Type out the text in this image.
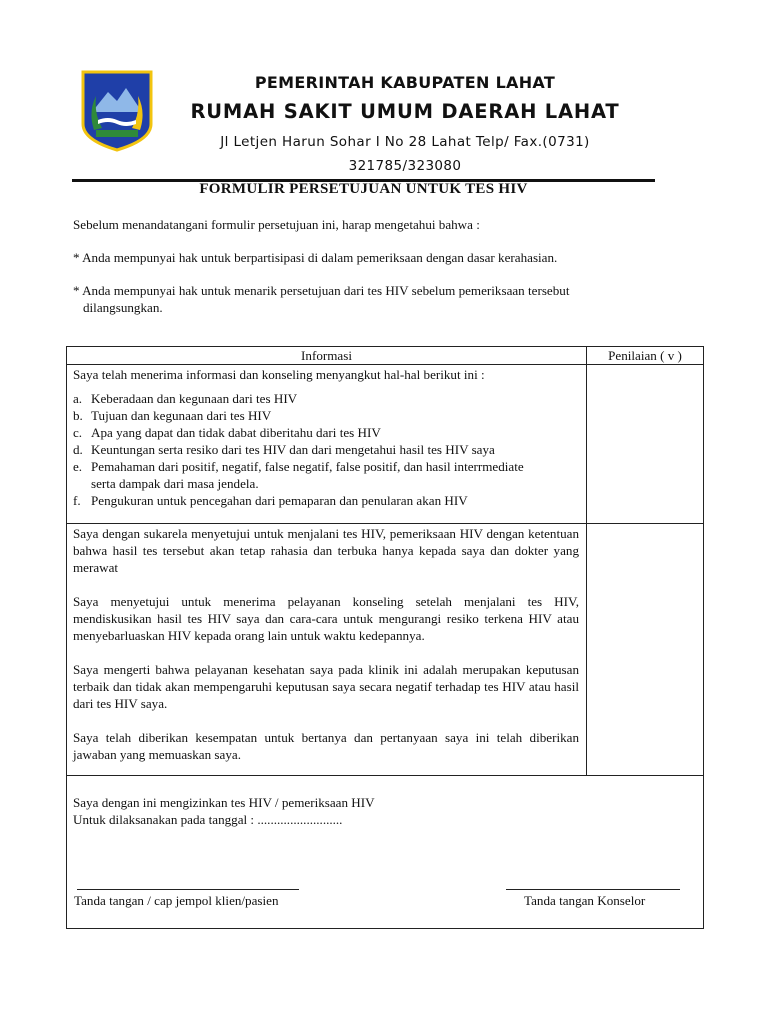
PEMERINTAH KABUPATEN LAHAT
RUMAH SAKIT UMUM DAERAH LAHAT
Jl Letjen Harun Sohar I No 28 Lahat Telp/ Fax.(0731)
321785/323080
FORMULIR PERSETUJUAN UNTUK TES HIV
Sebelum menandatangani formulir persetujuan ini, harap mengetahui bahwa :
* Anda mempunyai hak untuk berpartisipasi di dalam pemeriksaan dengan dasar kerahasian.
* Anda mempunyai hak untuk menarik persetujuan dari tes HIV sebelum pemeriksaan tersebut
dilangsungkan.
Informasi	Penilaian ( v )
Saya telah menerima informasi dan konseling menyangkut hal-hal berikut ini :
a. Keberadaan dan kegunaan dari tes HIV
b. Tujuan dan kegunaan dari tes HIV
c. Apa yang dapat dan tidak dabat diberitahu dari tes HIV
d. Keuntungan serta resiko dari tes HIV dan dari mengetahui hasil tes HIV saya
e. Pemahaman dari positif, negatif, false negatif, false positif, dan hasil interrmediate serta dampak dari masa jendela.
f. Pengukuran untuk pencegahan dari pemaparan dan penularan akan HIV
Saya dengan sukarela menyetujui untuk menjalani tes HIV, pemeriksaan HIV dengan ketentuan bahwa hasil tes tersebut akan tetap rahasia dan terbuka hanya kepada saya dan dokter yang merawat
Saya menyetujui untuk menerima pelayanan konseling setelah menjalani tes HIV, mendiskusikan hasil tes HIV saya dan cara-cara untuk mengurangi resiko terkena HIV atau menyebarluaskan HIV kepada orang lain untuk waktu kedepannya.
Saya mengerti bahwa pelayanan kesehatan saya pada klinik ini adalah merupakan keputusan terbaik dan tidak akan mempengaruhi keputusan saya secara negatif terhadap tes HIV atau hasil dari tes HIV saya.
Saya telah diberikan kesempatan untuk bertanya dan pertanyaan saya ini telah diberikan jawaban yang memuaskan saya.
Saya dengan ini mengizinkan tes HIV / pemeriksaan HIV
Untuk dilaksanakan pada tanggal : ..........................
Tanda tangan / cap jempol klien/pasien	Tanda tangan Konselor
